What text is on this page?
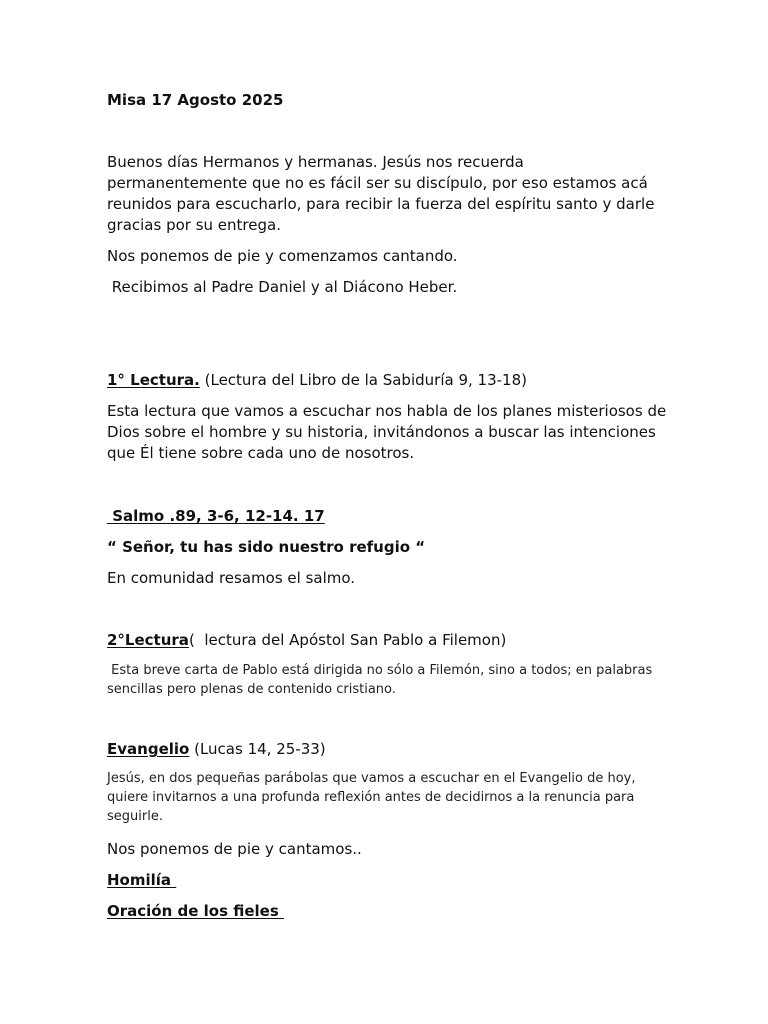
Misa 17 Agosto 2025
Buenos días Hermanos y hermanas. Jesús nos recuerda permanentemente que no es fácil ser su discípulo, por eso estamos acá reunidos para escucharlo, para recibir la fuerza del espíritu santo y darle gracias por su entrega.
Nos ponemos de pie y comenzamos cantando.
Recibimos al Padre Daniel y al Diácono Heber.
1° Lectura. (Lectura del Libro de la Sabiduría 9, 13-18)
Esta lectura que vamos a escuchar nos habla de los planes misteriosos de Dios sobre el hombre y su historia, invitándonos a buscar las intenciones que Él tiene sobre cada uno de nosotros.
Salmo .89, 3-6, 12-14. 17
“ Señor, tu has sido nuestro refugio “
En comunidad resamos el salmo.
2°Lectura(  lectura del Apóstol San Pablo a Filemon)
Esta breve carta de Pablo está dirigida no sólo a Filemón, sino a todos; en palabras sencillas pero plenas de contenido cristiano.
Evangelio (Lucas 14, 25-33)
Jesús, en dos pequeñas parábolas que vamos a escuchar en el Evangelio de hoy, quiere invitarnos a una profunda reflexión antes de decidirnos a la renuncia para seguirle.
Nos ponemos de pie y cantamos..
Homilía
Oración de los fieles
